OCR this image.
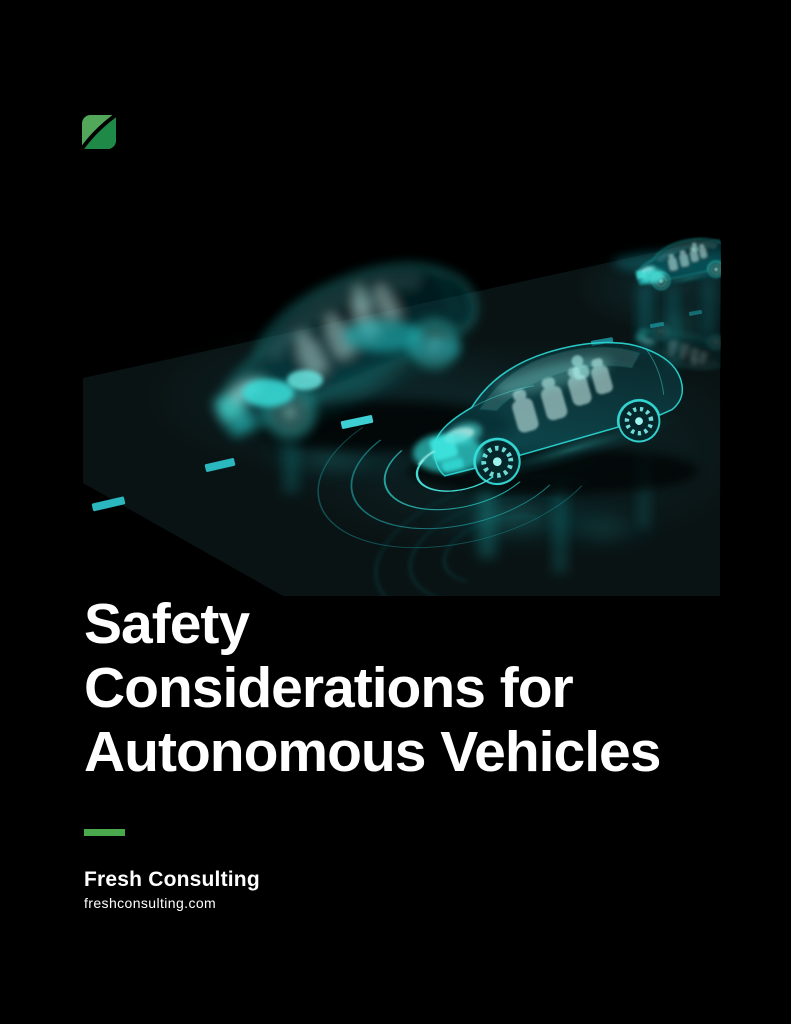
Safety
Considerations for
Autonomous Vehicles
Fresh Consulting
freshconsulting.com
